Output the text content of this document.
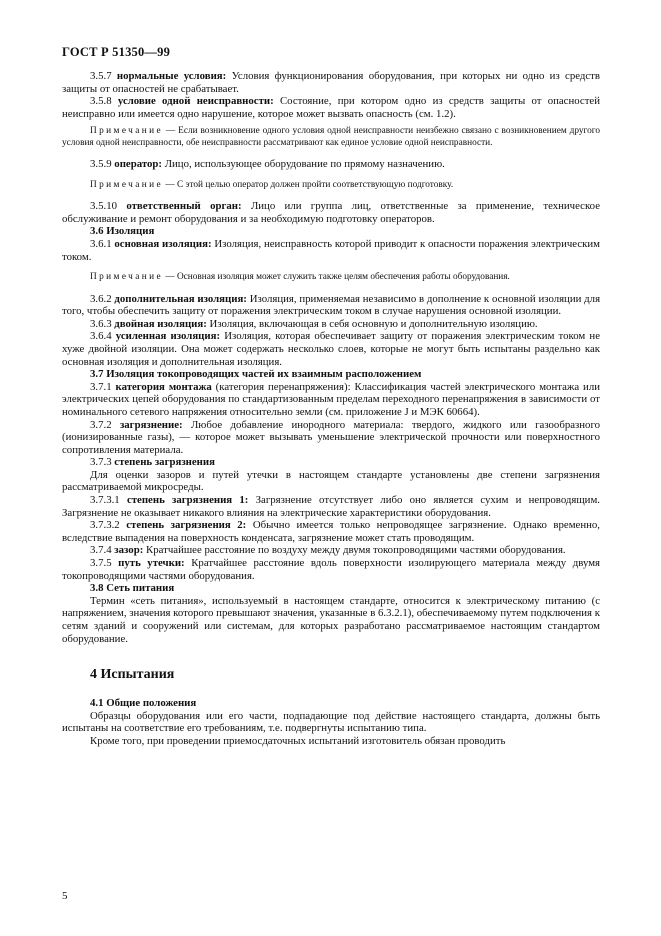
ГОСТ Р 51350—99

3.5.7 нормальные условия: Условия функционирования оборудования, при которых ни одно из средств защиты от опасностей не срабатывает.

3.5.8 условие одной неисправности: Состояние, при котором одно из средств защиты от опасностей неисправно или имеется одно нарушение, которое может вызвать опасность (см. 1.2).

Примечание — Если возникновение одного условия одной неисправности неизбежно связано с возникновением другого условия одной неисправности, обе неисправности рассматривают как единое условие одной неисправности.

3.5.9 оператор: Лицо, использующее оборудование по прямому назначению.

Примечание — С этой целью оператор должен пройти соответствующую подготовку.

3.5.10 ответственный орган: Лицо или группа лиц, ответственные за применение, техническое обслуживание и ремонт оборудования и за необходимую подготовку операторов.

3.6 Изоляция

3.6.1 основная изоляция: Изоляция, неисправность которой приводит к опасности поражения электрическим током.

Примечание — Основная изоляция может служить также целям обеспечения работы оборудования.

3.6.2 дополнительная изоляция: Изоляция, применяемая независимо в дополнение к основной изоляции для того, чтобы обеспечить защиту от поражения электрическим током в случае нарушения основной изоляции.

3.6.3 двойная изоляция: Изоляция, включающая в себя основную и дополнительную изоляцию.

3.6.4 усиленная изоляция: Изоляция, которая обеспечивает защиту от поражения электрическим током не хуже двойной изоляции. Она может содержать несколько слоев, которые не могут быть испытаны раздельно как основная изоляция и дополнительная изоляция.

3.7 Изоляция токопроводящих частей их взаимным расположением

3.7.1 категория монтажа (категория перенапряжения): Классификация частей электрического монтажа или электрических цепей оборудования по стандартизованным пределам переходного перенапряжения в зависимости от номинального сетевого напряжения относительно земли (см. приложение J и МЭК 60664).

3.7.2 загрязнение: Любое добавление инородного материала: твердого, жидкого или газообразного (ионизированные газы), — которое может вызывать уменьшение электрической прочности или поверхностного сопротивления материала.

3.7.3 степень загрязнения

Для оценки зазоров и путей утечки в настоящем стандарте установлены две степени загрязнения рассматриваемой микросреды.

3.7.3.1 степень загрязнения 1: Загрязнение отсутствует либо оно является сухим и непроводящим. Загрязнение не оказывает никакого влияния на электрические характеристики оборудования.

3.7.3.2 степень загрязнения 2: Обычно имеется только непроводящее загрязнение. Однако временно, вследствие выпадения на поверхность конденсата, загрязнение может стать проводящим.

3.7.4 зазор: Кратчайшее расстояние по воздуху между двумя токопроводящими частями оборудования.

3.7.5 путь утечки: Кратчайшее расстояние вдоль поверхности изолирующего материала между двумя токопроводящими частями оборудования.

3.8 Сеть питания

Термин «сеть питания», используемый в настоящем стандарте, относится к электрическому питанию (с напряжением, значения которого превышают значения, указанные в 6.3.2.1), обеспечиваемому путем подключения к сетям зданий и сооружений или системам, для которых разработано рассматриваемое настоящим стандартом оборудование.

4 Испытания

4.1 Общие положения

Образцы оборудования или его части, подпадающие под действие настоящего стандарта, должны быть испытаны на соответствие его требованиям, т.е. подвергнуты испытанию типа.

Кроме того, при проведении приемосдаточных испытаний изготовитель обязан проводить

5
